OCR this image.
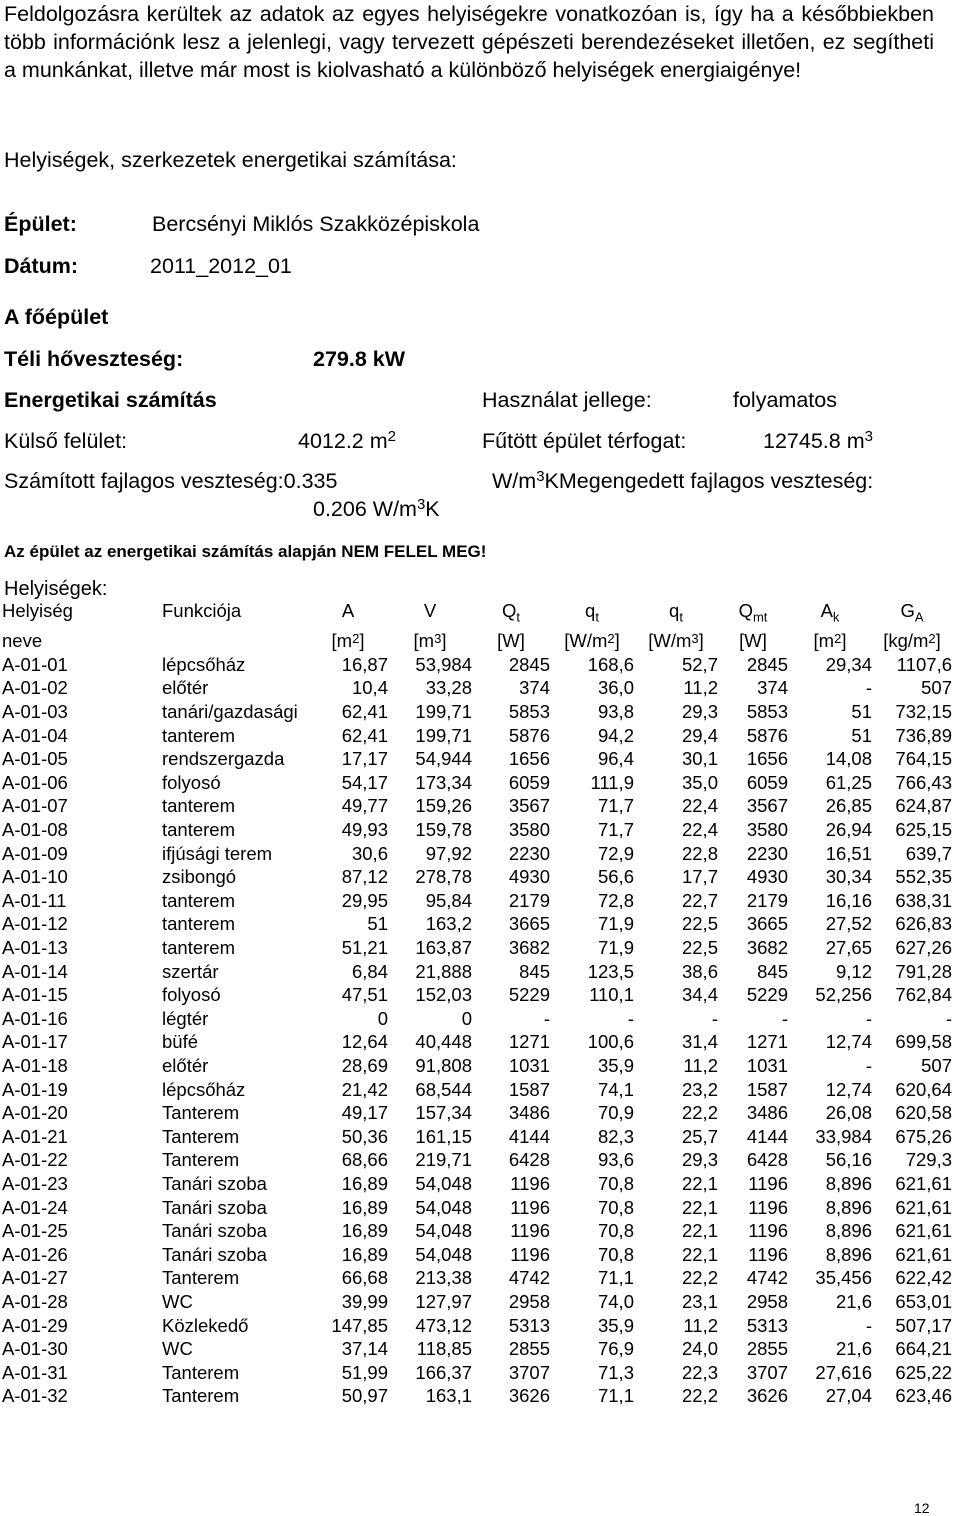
Feldolgozásra kerültek az adatok az egyes helyiségekre vonatkozóan is, így ha a későbbiekben több információnk lesz a jelenlegi, vagy tervezett gépészeti berendezéseket illetően, ez segítheti a munkánkat, illetve már most is kiolvasható a különböző helyiségek energiaigénye!
Helyiségek, szerkezetek energetikai számítása:
Épület:	Bercsényi Miklós Szakközépiskola
Dátum:	2011_2012_01
A főépület
Téli hőveszteség:	279.8 kW
Energetikai számítás	Használat jellege:	folyamatos
Külső felület:	4012.2 $m^2$	Fűtött épület térfogat:	12745.8 $m^3$
Számított fajlagos veszteség:0.335	$W/m^3KMegengedett$ fajlagos veszteség:
0.206 $W/m^3K$
Az épület az energetikai számítás alapján NEM FELEL MEG!
Helyiségek:
Helyiség	Funkciója	A	V	$Q_t$	$q_t$	$q_t$	$Q_{mt}$	$A_k$	$G_A$
neve		$[m^2]$	$[m^3]$	[W]	$[W/m^2]$	$[W/m^3]$	[W]	$[m^2]$	$[kg/m^2]$
A-01-01	lépcsőház	16,87	53,984	2845	168,6	52,7	2845	29,34	1107,6
A-01-02	előtér	10,4	33,28	374	36,0	11,2	374	-	507
A-01-03	tanári/gazdasági	62,41	199,71	5853	93,8	29,3	5853	51	732,15
A-01-04	tanterem	62,41	199,71	5876	94,2	29,4	5876	51	736,89
A-01-05	rendszergazda	17,17	54,944	1656	96,4	30,1	1656	14,08	764,15
A-01-06	folyosó	54,17	173,34	6059	111,9	35,0	6059	61,25	766,43
A-01-07	tanterem	49,77	159,26	3567	71,7	22,4	3567	26,85	624,87
A-01-08	tanterem	49,93	159,78	3580	71,7	22,4	3580	26,94	625,15
A-01-09	ifjúsági terem	30,6	97,92	2230	72,9	22,8	2230	16,51	639,7
A-01-10	zsibongó	87,12	278,78	4930	56,6	17,7	4930	30,34	552,35
A-01-11	tanterem	29,95	95,84	2179	72,8	22,7	2179	16,16	638,31
A-01-12	tanterem	51	163,2	3665	71,9	22,5	3665	27,52	626,83
A-01-13	tanterem	51,21	163,87	3682	71,9	22,5	3682	27,65	627,26
A-01-14	szertár	6,84	21,888	845	123,5	38,6	845	9,12	791,28
A-01-15	folyosó	47,51	152,03	5229	110,1	34,4	5229	52,256	762,84
A-01-16	légtér	0	0	-	-	-	-	-	-
A-01-17	büfé	12,64	40,448	1271	100,6	31,4	1271	12,74	699,58
A-01-18	előtér	28,69	91,808	1031	35,9	11,2	1031	-	507
A-01-19	lépcsőház	21,42	68,544	1587	74,1	23,2	1587	12,74	620,64
A-01-20	Tanterem	49,17	157,34	3486	70,9	22,2	3486	26,08	620,58
A-01-21	Tanterem	50,36	161,15	4144	82,3	25,7	4144	33,984	675,26
A-01-22	Tanterem	68,66	219,71	6428	93,6	29,3	6428	56,16	729,3
A-01-23	Tanári szoba	16,89	54,048	1196	70,8	22,1	1196	8,896	621,61
A-01-24	Tanári szoba	16,89	54,048	1196	70,8	22,1	1196	8,896	621,61
A-01-25	Tanári szoba	16,89	54,048	1196	70,8	22,1	1196	8,896	621,61
A-01-26	Tanári szoba	16,89	54,048	1196	70,8	22,1	1196	8,896	621,61
A-01-27	Tanterem	66,68	213,38	4742	71,1	22,2	4742	35,456	622,42
A-01-28	WC	39,99	127,97	2958	74,0	23,1	2958	21,6	653,01
A-01-29	Közlekedő	147,85	473,12	5313	35,9	11,2	5313	-	507,17
A-01-30	WC	37,14	118,85	2855	76,9	24,0	2855	21,6	664,21
A-01-31	Tanterem	51,99	166,37	3707	71,3	22,3	3707	27,616	625,22
A-01-32	Tanterem	50,97	163,1	3626	71,1	22,2	3626	27,04	623,46
12
